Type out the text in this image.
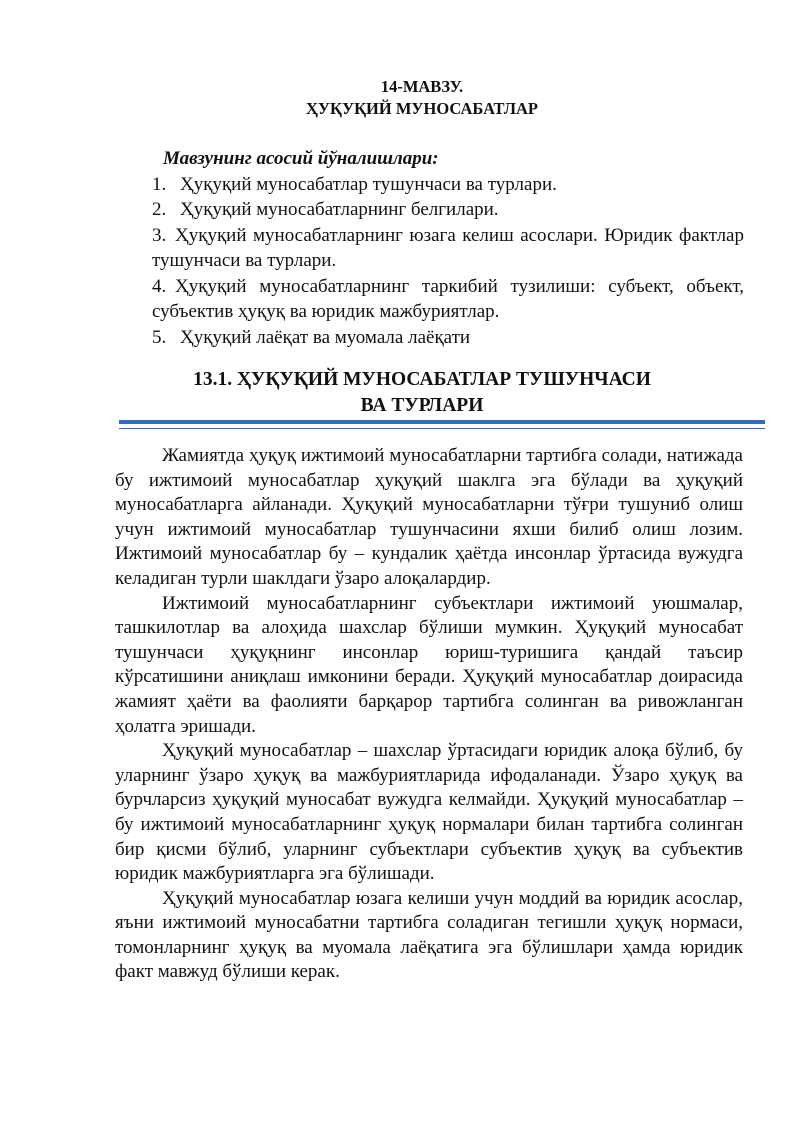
14-МАВЗУ.
ҲУҚУҚИЙ МУНОСАБАТЛАР
Мавзунинг асосий йўналишлари:
1. Ҳуқуқий муносабатлар тушунчаси ва турлари.
2. Ҳуқуқий муносабатларнинг белгилари.
3. Ҳуқуқий муносабатларнинг юзага келиш асослари. Юридик фактлар тушунчаси ва турлари.
4. Ҳуқуқий муносабатларнинг таркибий тузилиши: субъект, объект, субъектив ҳуқуқ ва юридик мажбуриятлар.
5. Ҳуқуқий лаёқат ва муомала лаёқати
13.1. ҲУҚУҚИЙ МУНОСАБАТЛАР ТУШУНЧАСИ
ВА ТУРЛАРИ

Жамиятда ҳуқуқ ижтимоий муносабатларни тартибга солади, натижада бу ижтимоий муносабатлар ҳуқуқий шаклга эга бўлади ва ҳуқуқий муносабатларга айланади. Ҳуқуқий муносабатларни тўғри тушуниб олиш учун ижтимоий муносабатлар тушунчасини яхши билиб олиш лозим. Ижтимоий муносабатлар бу – кундалик ҳаётда инсонлар ўртасида вужудга келадиган турли шаклдаги ўзаро алоқалардир.

Ижтимоий муносабатларнинг субъектлари ижтимоий уюшмалар, ташкилотлар ва алоҳида шахслар бўлиши мумкин. Ҳуқуқий муносабат тушунчаси ҳуқуқнинг инсонлар юриш-туришига қандай таъсир кўрсатишини аниқлаш имконини беради. Ҳуқуқий муносабатлар доирасида жамият ҳаёти ва фаолияти барқарор тартибга солинган ва ривожланган ҳолатга эришади.

Ҳуқуқий муносабатлар – шахслар ўртасидаги юридик алоқа бўлиб, бу уларнинг ўзаро ҳуқуқ ва мажбуриятларида ифодаланади. Ўзаро ҳуқуқ ва бурчларсиз ҳуқуқий муносабат вужудга келмайди. Ҳуқуқий муносабатлар – бу ижтимоий муносабатларнинг ҳуқуқ нормалари билан тартибга солинган бир қисми бўлиб, уларнинг субъектлари субъектив ҳуқуқ ва субъектив юридик мажбуриятларга эга бўлишади.

Ҳуқуқий муносабатлар юзага келиши учун моддий ва юридик асослар, яъни ижтимоий муносабатни тартибга соладиган тегишли ҳуқуқ нормаси, томонларнинг ҳуқуқ ва муомала лаёқатига эга бўлишлари ҳамда юридик факт мавжуд бўлиши керак.
